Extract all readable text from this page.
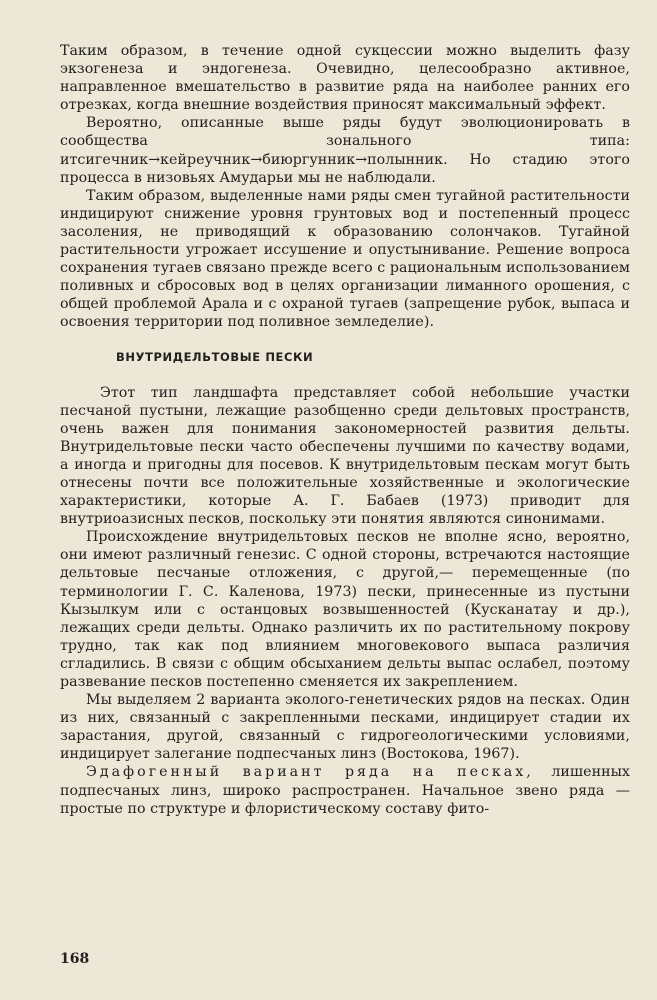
Таким образом, в течение одной сукцессии можно выделить фазу экзогенеза и эндогенеза. Очевидно, целесообразно активное, направленное вмешательство в развитие ряда на наиболее ранних его отрезках, когда внешние воздействия приносят максимальный эффект.

Вероятно, описанные выше ряды будут эволюционировать в сообщества зонального типа: итсигечник→кейреучник→биюргунник→полынник. Но стадию этого процесса в низовьях Амударьи мы не наблюдали.

Таким образом, выделенные нами ряды смен тугайной растительности индицируют снижение уровня грунтовых вод и постепенный процесс засоления, не приводящий к образованию солончаков. Тугайной растительности угрожает иссушение и опустынивание. Решение вопроса сохранения тугаев связано прежде всего с рациональным использованием поливных и сбросовых вод в целях организации лиманного орошения, с общей проблемой Арала и с охраной тугаев (запрещение рубок, выпаса и освоения территории под поливное земледелие).

ВНУТРИДЕЛЬТОВЫЕ ПЕСКИ

Этот тип ландшафта представляет собой небольшие участки песчаной пустыни, лежащие разобщенно среди дельтовых пространств, очень важен для понимания закономерностей развития дельты. Внутридельтовые пески часто обеспечены лучшими по качеству водами, а иногда и пригодны для посевов. К внутридельтовым пескам могут быть отнесены почти все положительные хозяйственные и экологические характеристики, которые А. Г. Бабаев (1973) приводит для внутриоазисных песков, поскольку эти понятия являются синонимами.

Происхождение внутридельтовых песков не вполне ясно, вероятно, они имеют различный генезис. С одной стороны, встречаются настоящие дельтовые песчаные отложения, с другой,— перемещенные (по терминологии Г. С. Каленова, 1973) пески, принесенные из пустыни Кызылкум или с останцовых возвышенностей (Кусканатау и др.), лежащих среди дельты. Однако различить их по растительному покрову трудно, так как под влиянием многовекового выпаса различия сгладились. В связи с общим обсыханием дельты выпас ослабел, поэтому развевание песков постепенно сменяется их закреплением.

Мы выделяем 2 варианта эколого-генетических рядов на песках. Один из них, связанный с закрепленными песками, индицирует стадии их зарастания, другой, связанный с гидрогеологическими условиями, индицирует залегание подпесчаных линз (Востокова, 1967).

Эдафогенный вариант ряда на песках, лишенных подпесчаных линз, широко распространен. Начальное звено ряда — простые по структуре и флористическому составу фито-

168
